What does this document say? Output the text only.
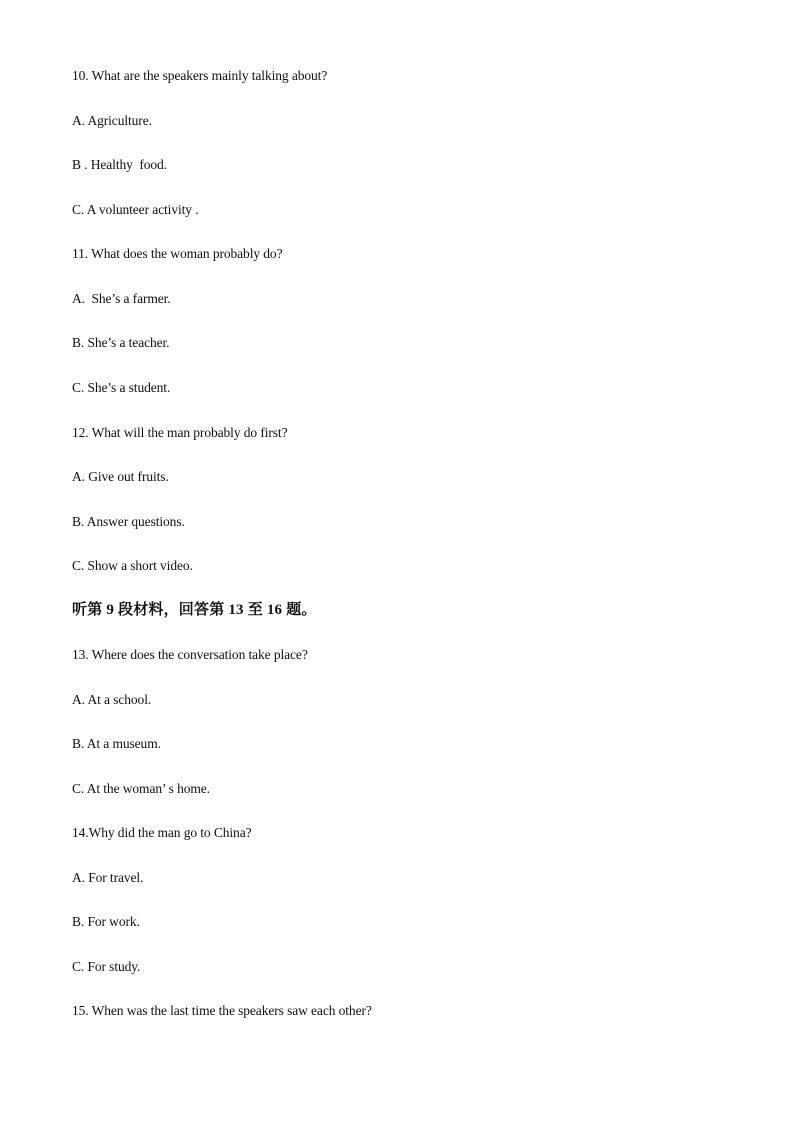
10. What are the speakers mainly talking about?
A. Agriculture.
B . Healthy  food.
C. A volunteer activity .
11. What does the woman probably do?
A.  She’s a farmer.
B. She’s a teacher.
C. She’s a student.
12. What will the man probably do first?
A. Give out fruits.
B. Answer questions.
C. Show a short video.
听第 9 段材料，回答第 13 至 16 题。
13. Where does the conversation take place?
A. At a school.
B. At a museum.
C. At the woman’ s home.
14.Why did the man go to China?
A. For travel.
B. For work.
C. For study.
15. When was the last time the speakers saw each other?
